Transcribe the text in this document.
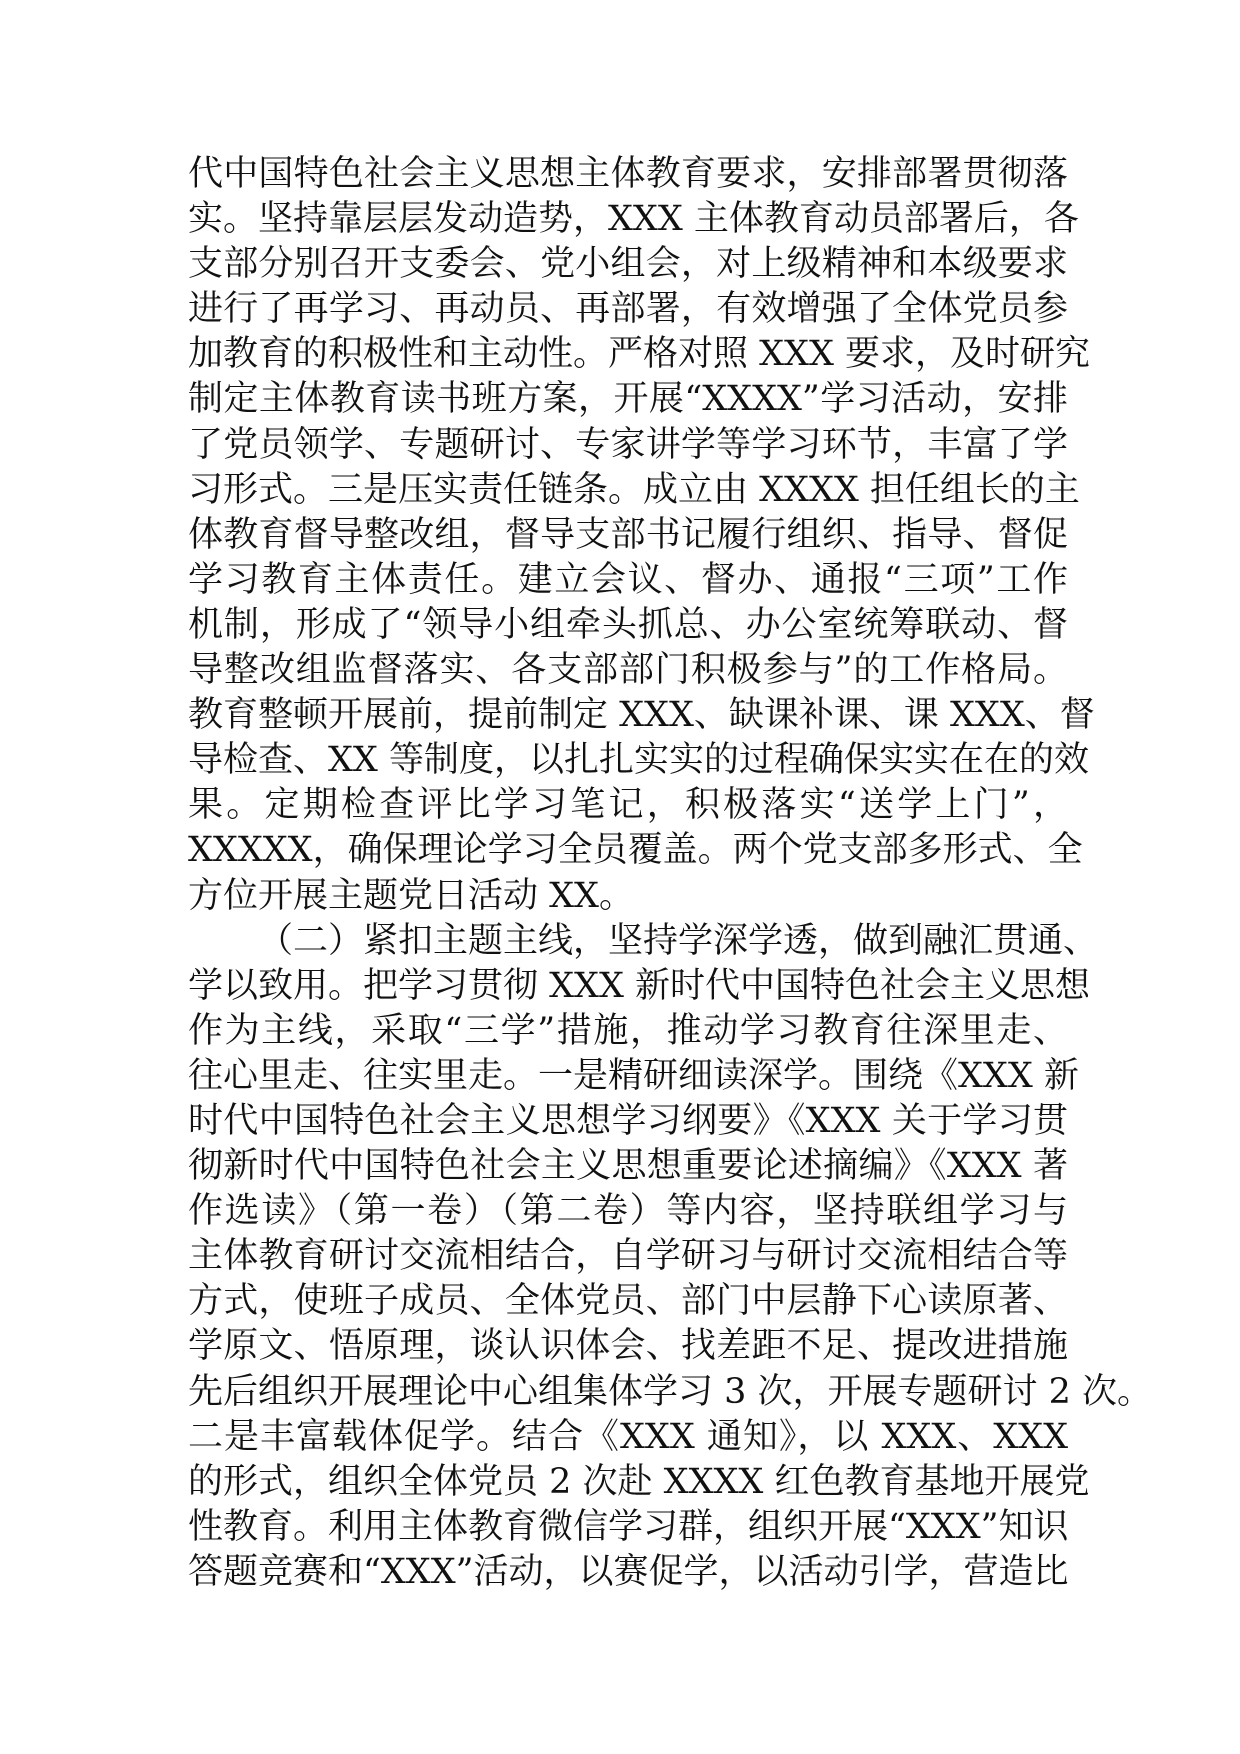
代中国特色社会主义思想主体教育要求，安排部署贯彻落
实。坚持靠层层发动造势，XXX 主体教育动员部署后，各
支部分别召开支委会、党小组会，对上级精神和本级要求
进行了再学习、再动员、再部署，有效增强了全体党员参
加教育的积极性和主动性。严格对照 XXX 要求，及时研究
制定主体教育读书班方案，开展“XXXX”学习活动，安排
了党员领学、专题研讨、专家讲学等学习环节，丰富了学
习形式。三是压实责任链条。成立由 XXXX 担任组长的主
体教育督导整改组，督导支部书记履行组织、指导、督促
学习教育主体责任。建立会议、督办、通报“三项”工作
机制，形成了“领导小组牵头抓总、办公室统筹联动、督
导整改组监督落实、各支部部门积极参与”的工作格局。
教育整顿开展前，提前制定 XXX、缺课补课、课 XXX、督
导检查、XX 等制度，以扎扎实实的过程确保实实在在的效
果。定期检查评比学习笔记，积极落实“送学上门”，
XXXXX，确保理论学习全员覆盖。两个党支部多形式、全
方位开展主题党日活动 XX。
（二）紧扣主题主线，坚持学深学透，做到融汇贯通、
学以致用。把学习贯彻 XXX 新时代中国特色社会主义思想
作为主线，采取“三学”措施，推动学习教育往深里走、
往心里走、往实里走。一是精研细读深学。围绕《XXX 新
时代中国特色社会主义思想学习纲要》《XXX 关于学习贯
彻新时代中国特色社会主义思想重要论述摘编》《XXX 著
作选读》（第一卷）（第二卷）等内容，坚持联组学习与
主体教育研讨交流相结合，自学研习与研讨交流相结合等
方式，使班子成员、全体党员、部门中层静下心读原著、
学原文、悟原理，谈认识体会、找差距不足、提改进措施
先后组织开展理论中心组集体学习 3 次，开展专题研讨 2 次。
二是丰富载体促学。结合《XXX 通知》，以 XXX、XXX
的形式，组织全体党员 2 次赴 XXXX 红色教育基地开展党
性教育。利用主体教育微信学习群，组织开展“XXX”知识
答题竞赛和“XXX”活动，以赛促学，以活动引学，营造比
